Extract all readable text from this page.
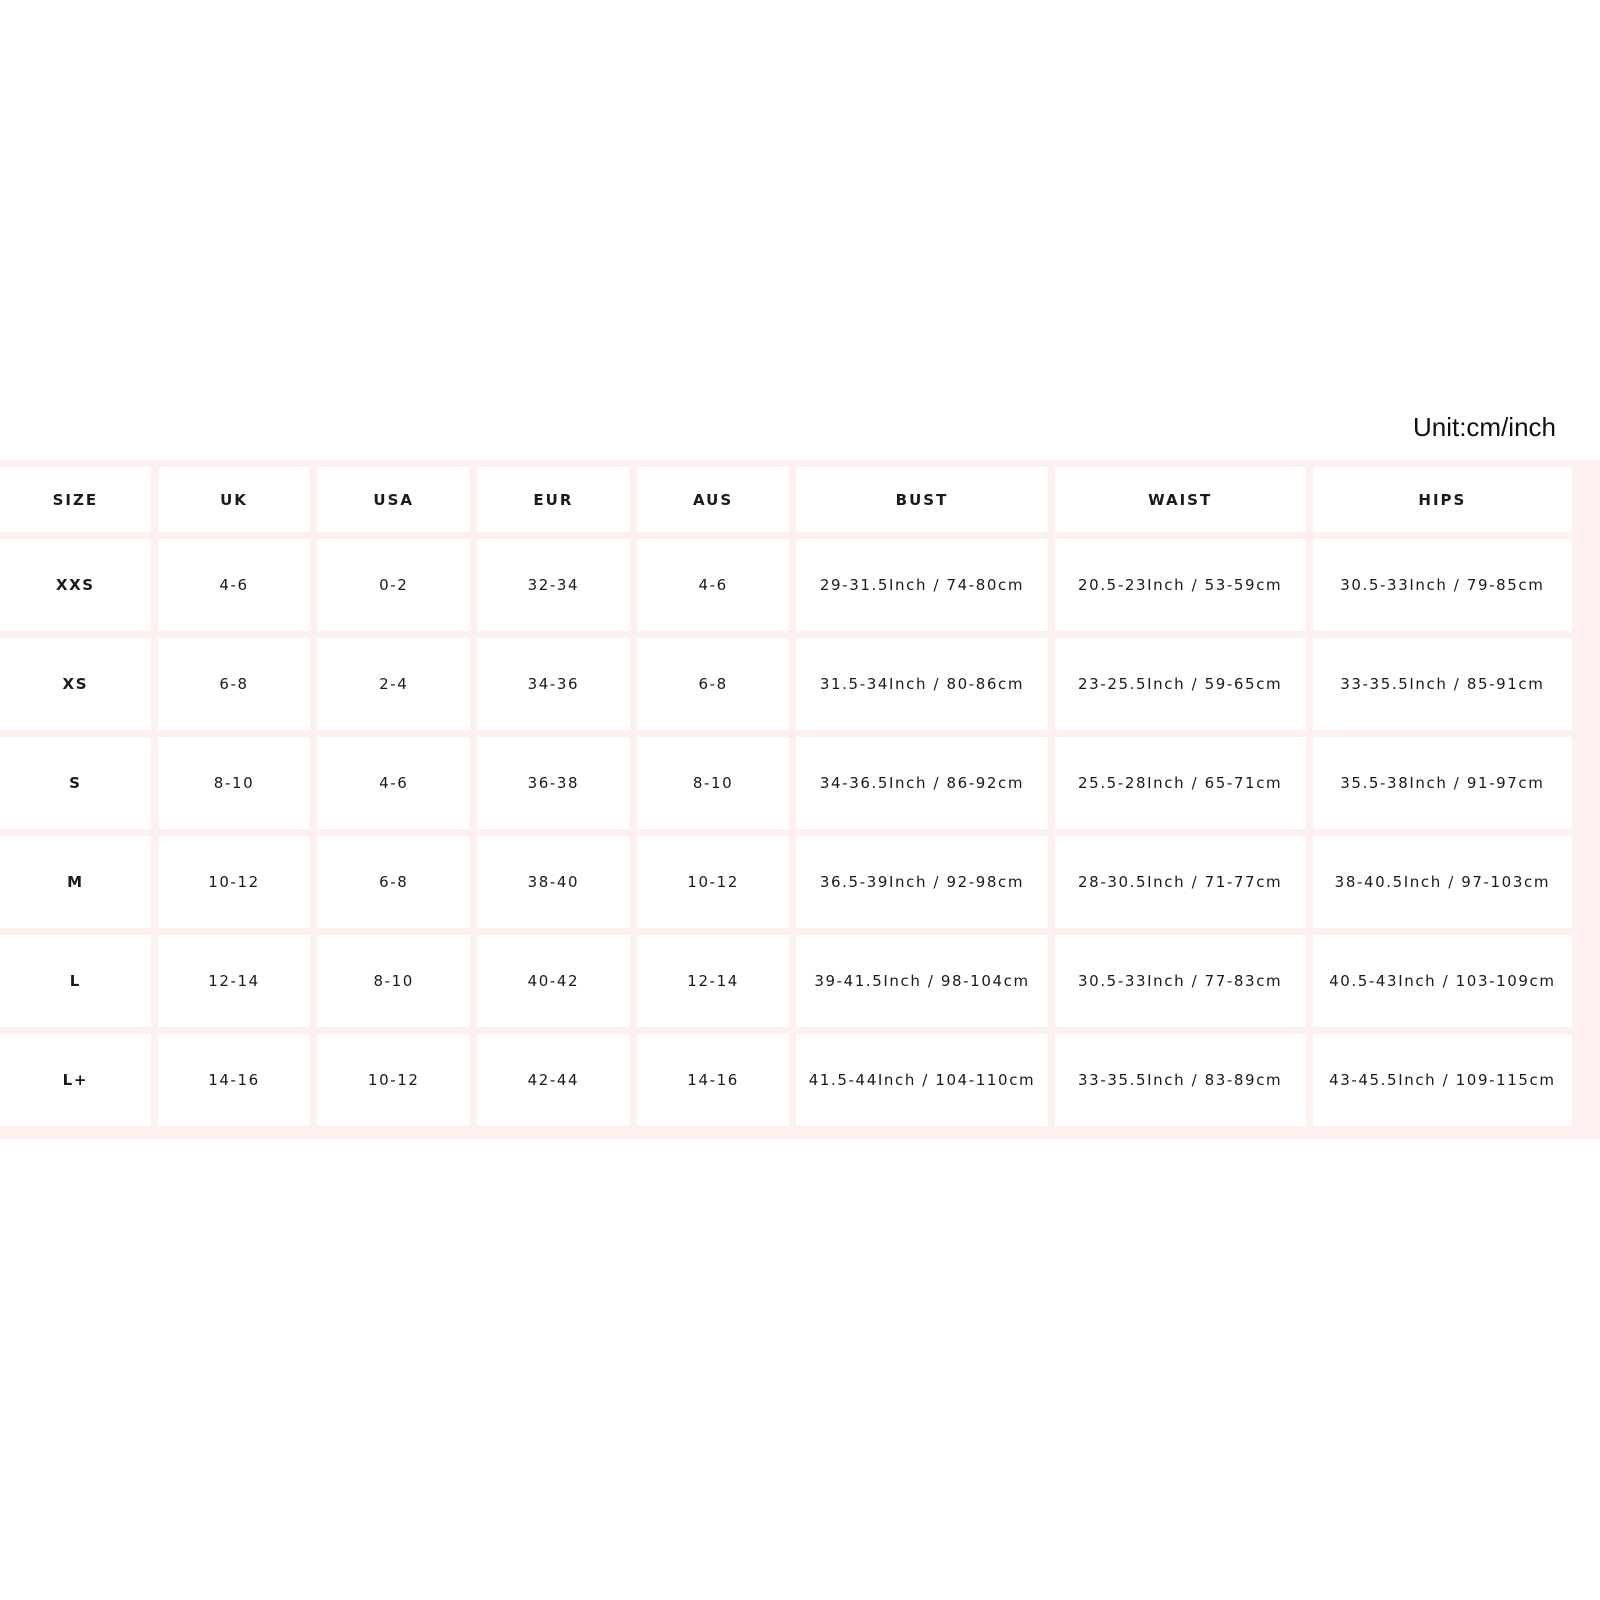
Unit:cm/inch
SIZE	UK	USA	EUR	AUS	BUST	WAIST	HIPS
XXS	4-6	0-2	32-34	4-6	29-31.5Inch / 74-80cm	20.5-23Inch / 53-59cm	30.5-33Inch / 79-85cm
XS	6-8	2-4	34-36	6-8	31.5-34Inch / 80-86cm	23-25.5Inch / 59-65cm	33-35.5Inch / 85-91cm
S	8-10	4-6	36-38	8-10	34-36.5Inch / 86-92cm	25.5-28Inch / 65-71cm	35.5-38Inch / 91-97cm
M	10-12	6-8	38-40	10-12	36.5-39Inch / 92-98cm	28-30.5Inch / 71-77cm	38-40.5Inch / 97-103cm
L	12-14	8-10	40-42	12-14	39-41.5Inch / 98-104cm	30.5-33Inch / 77-83cm	40.5-43Inch / 103-109cm
L+	14-16	10-12	42-44	14-16	41.5-44Inch / 104-110cm	33-35.5Inch / 83-89cm	43-45.5Inch / 109-115cm
